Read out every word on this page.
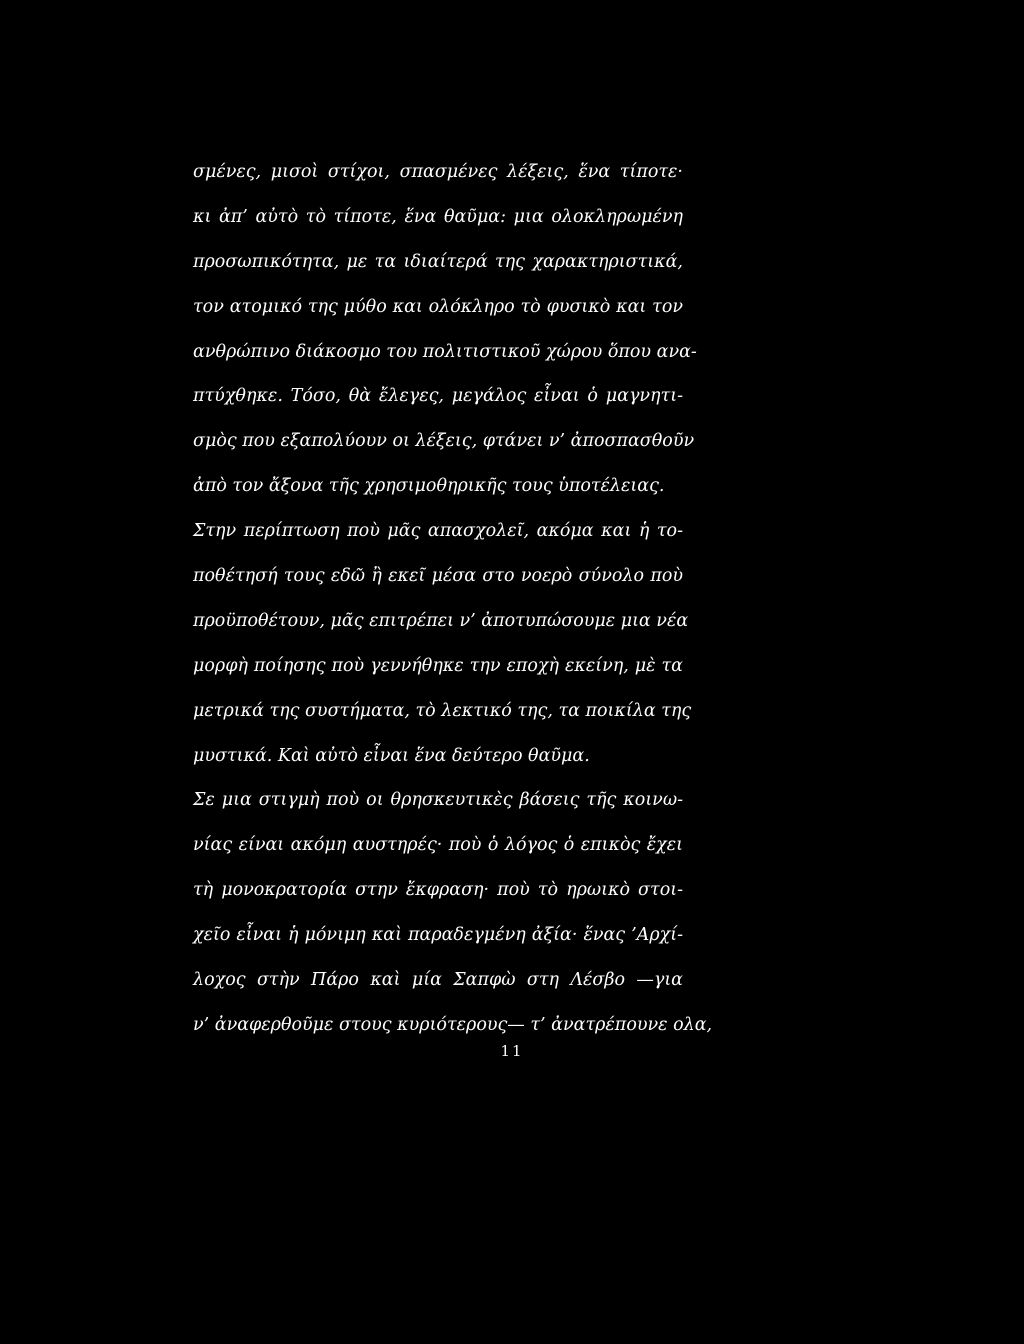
σμένες, μισοὶ στίχοι, σπασμένες λέξεις, ἕνα τίποτε·
κι ἀπ’ αὐτὸ τὸ τίποτε, ἕνα θαῦμα: μια ολοκληρωμένη
προσωπικότητα, με τα ιδιαίτερά της χαρακτηριστικά,
τον ατομικό της μύθο και ολόκληρο τὸ φυσικὸ και τον
ανθρώπινο διάκοσμο του πολιτιστικοῦ χώρου ὅπου ανα-
πτύχθηκε. Τόσο, θὰ ἔλεγες, μεγάλος εἶναι ὁ μαγνητι-
σμὸς που εξαπολύουν οι λέξεις, φτάνει ν’ ἀποσπασθοῦν
ἀπὸ τον ἄξονα τῆς χρησιμοθηρικῆς τους ὑποτέλειας.
Στην περίπτωση ποὺ μᾶς απασχολεῖ, ακόμα και ἡ το-
ποθέτησή τους εδῶ ἢ εκεῖ μέσα στο νοερὸ σύνολο ποὺ
προϋποθέτουν, μᾶς επιτρέπει ν’ ἀποτυπώσουμε μια νέα
μορφὴ ποίησης ποὺ γεννήθηκε την εποχὴ εκείνη, μὲ τα
μετρικά της συστήματα, τὸ λεκτικό της, τα ποικίλα της
μυστικά. Καὶ αὐτὸ εἶναι ἕνα δεύτερο θαῦμα.
Σε μια στιγμὴ ποὺ οι θρησκευτικὲς βάσεις τῆς κοινω-
νίας είναι ακόμη αυστηρές· ποὺ ὁ λόγος ὁ επικὸς ἔχει
τὴ μονοκρατορία στην ἔκφραση· ποὺ τὸ ηρωικὸ στοι-
χεῖο εἶναι ἡ μόνιμη καὶ παραδεγμένη ἀξία· ἕνας ’Αρχί-
λοχος στὴν Πάρο καὶ μία Σαπφὼ στη Λέσβο —για
ν’ ἀναφερθοῦμε στους κυριότερους— τ’ ἀνατρέπουνε ολα,
11
